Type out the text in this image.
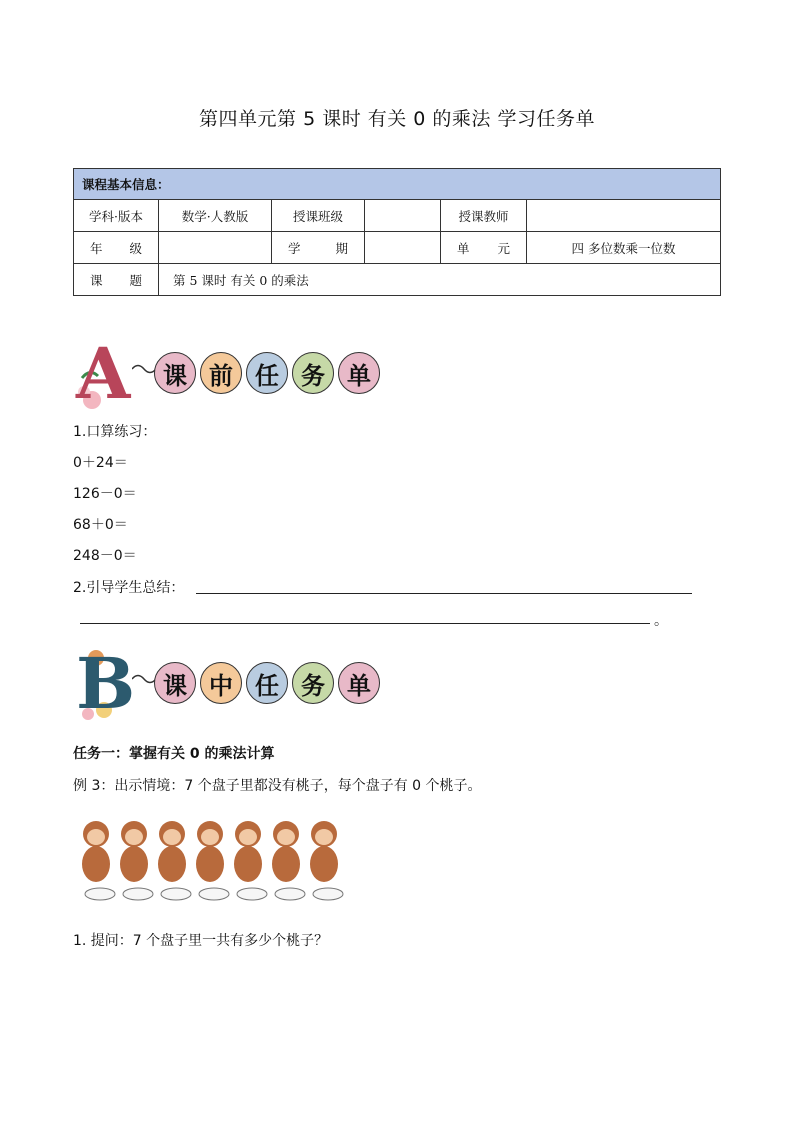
第四单元第 5 课时 有关 0 的乘法 学习任务单
课程基本信息：					
学科·版本	数学·人教版	授课班级		授课教师	

年 级		学 期		单 元	四 多位数乘一位数

课 题	第 5 课时 有关 0 的乘法				
A	课 前 任 务 单
1.口算练习：
0＋24＝
126－0＝
68＋0＝
248－0＝
2.引导学生总结：
。
B	课 中 任 务 单
任务一：掌握有关 0 的乘法计算
例 3：出示情境：7 个盘子里都没有桃子，每个盘子有 0 个桃子。
1. 提问：7 个盘子里一共有多少个桃子？
